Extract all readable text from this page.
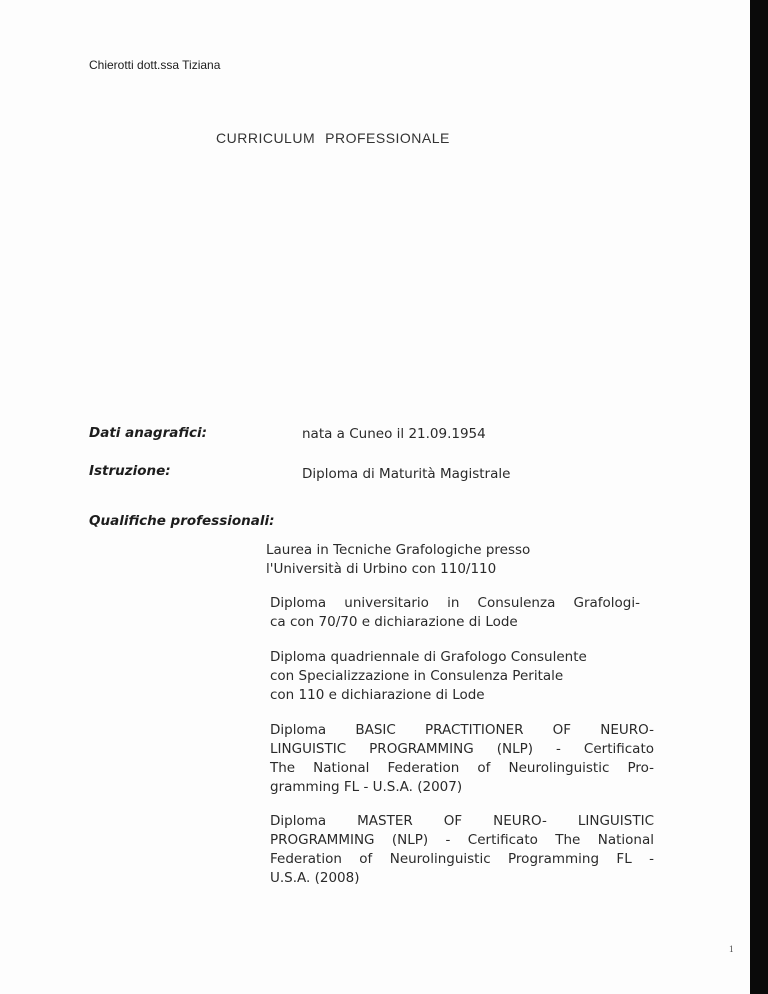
Chierotti dott.ssa Tiziana
CURRICULUM PROFESSIONALE
Dati anagrafici:	nata a Cuneo il 21.09.1954
Istruzione:	Diploma di Maturità Magistrale
Qualifiche professionali:
Laurea in Tecniche Grafologiche presso
l'Università di Urbino con 110/110
Diploma universitario in Consulenza Grafologi-
ca con 70/70 e dichiarazione di Lode
Diploma quadriennale di Grafologo Consulente
con Specializzazione in Consulenza Peritale
con 110 e dichiarazione di Lode
Diploma BASIC PRACTITIONER OF NEURO-
LINGUISTIC PROGRAMMING (NLP) - Certificato
The National Federation of Neurolinguistic Pro-
gramming FL - U.S.A. (2007)
Diploma MASTER OF NEURO- LINGUISTIC
PROGRAMMING (NLP) - Certificato The National
Federation of Neurolinguistic Programming FL -
U.S.A. (2008)
1
